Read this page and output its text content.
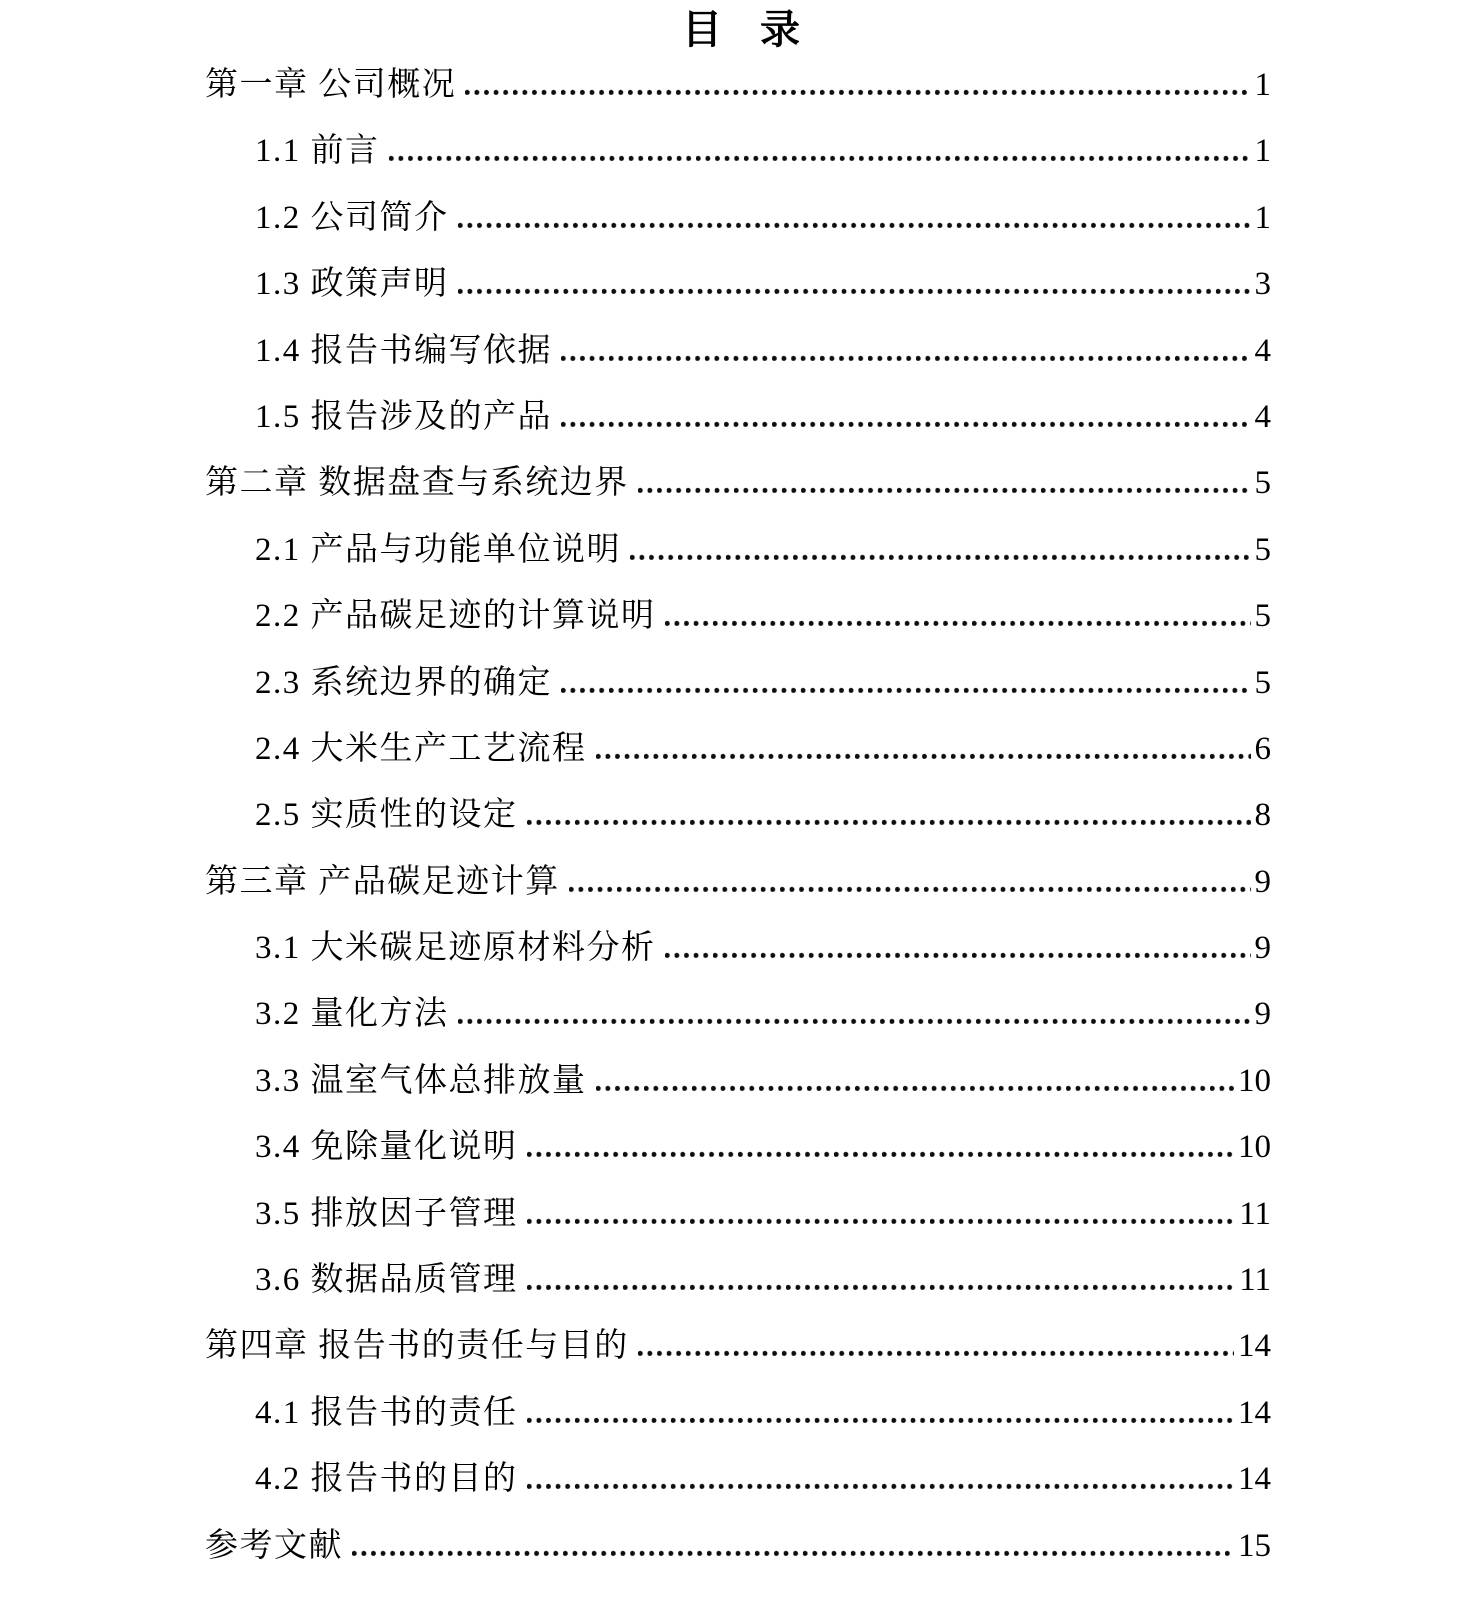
目 录
第一章 公司概况	1
1.1 前言	1
1.2 公司简介	1
1.3 政策声明	3
1.4 报告书编写依据	4
1.5 报告涉及的产品	4
第二章 数据盘查与系统边界	5
2.1 产品与功能单位说明	5
2.2 产品碳足迹的计算说明	5
2.3 系统边界的确定	5
2.4 大米生产工艺流程	6
2.5 实质性的设定	8
第三章 产品碳足迹计算	9
3.1 大米碳足迹原材料分析	9
3.2 量化方法	9
3.3 温室气体总排放量	10
3.4 免除量化说明	10
3.5 排放因子管理	11
3.6 数据品质管理	11
第四章 报告书的责任与目的	14
4.1 报告书的责任	14
4.2 报告书的目的	14
参考文献	15
